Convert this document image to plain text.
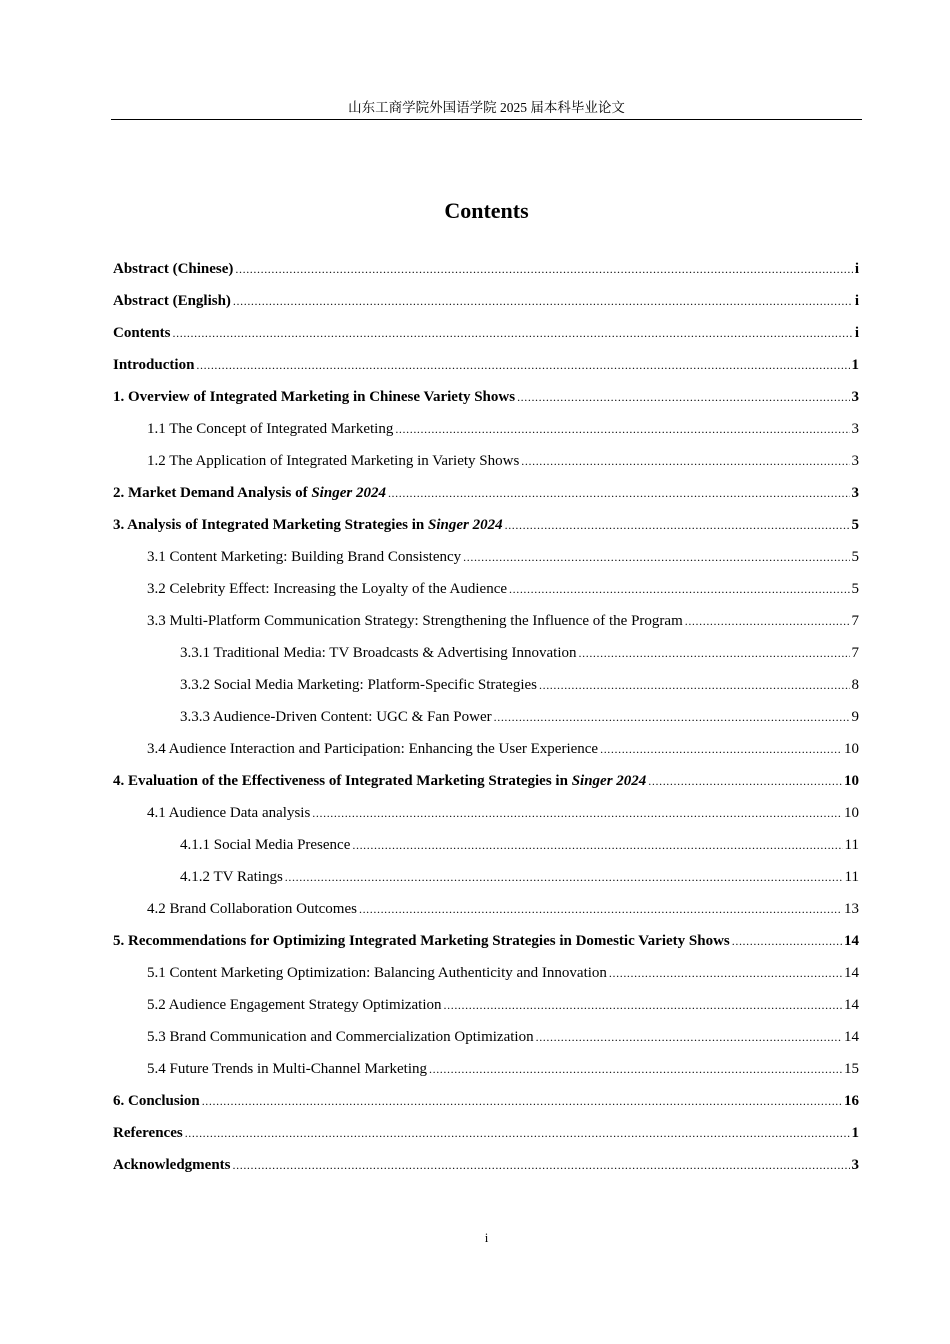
山东工商学院外国语学院 2025 届本科毕业论文
Contents
Abstract (Chinese) .....	i
Abstract (English) .....	i
Contents .....	i
Introduction .....	1
1. Overview of Integrated Marketing in Chinese Variety Shows .....	3
1.1 The Concept of Integrated Marketing .....	3
1.2 The Application of Integrated Marketing in Variety Shows .....	3
2. Market Demand Analysis of Singer 2024 .....	3
3. Analysis of Integrated Marketing Strategies in Singer 2024 .....	5
3.1 Content Marketing: Building Brand Consistency .....	5
3.2 Celebrity Effect: Increasing the Loyalty of the Audience .....	5
3.3 Multi-Platform Communication Strategy: Strengthening the Influence of the Program .....	7
3.3.1 Traditional Media: TV Broadcasts & Advertising Innovation .....	7
3.3.2 Social Media Marketing: Platform-Specific Strategies .....	8
3.3.3 Audience-Driven Content: UGC & Fan Power .....	9
3.4 Audience Interaction and Participation: Enhancing the User Experience .....	10
4. Evaluation of the Effectiveness of Integrated Marketing Strategies in Singer 2024 .....	10
4.1 Audience Data analysis .....	10
4.1.1 Social Media Presence .....	11
4.1.2 TV Ratings .....	11
4.2 Brand Collaboration Outcomes .....	13
5. Recommendations for Optimizing Integrated Marketing Strategies in Domestic Variety Shows .....	14
5.1 Content Marketing Optimization: Balancing Authenticity and Innovation .....	14
5.2 Audience Engagement Strategy Optimization .....	14
5.3 Brand Communication and Commercialization Optimization .....	14
5.4 Future Trends in Multi-Channel Marketing .....	15
6. Conclusion .....	16
References .....	1
Acknowledgments .....	3
i
